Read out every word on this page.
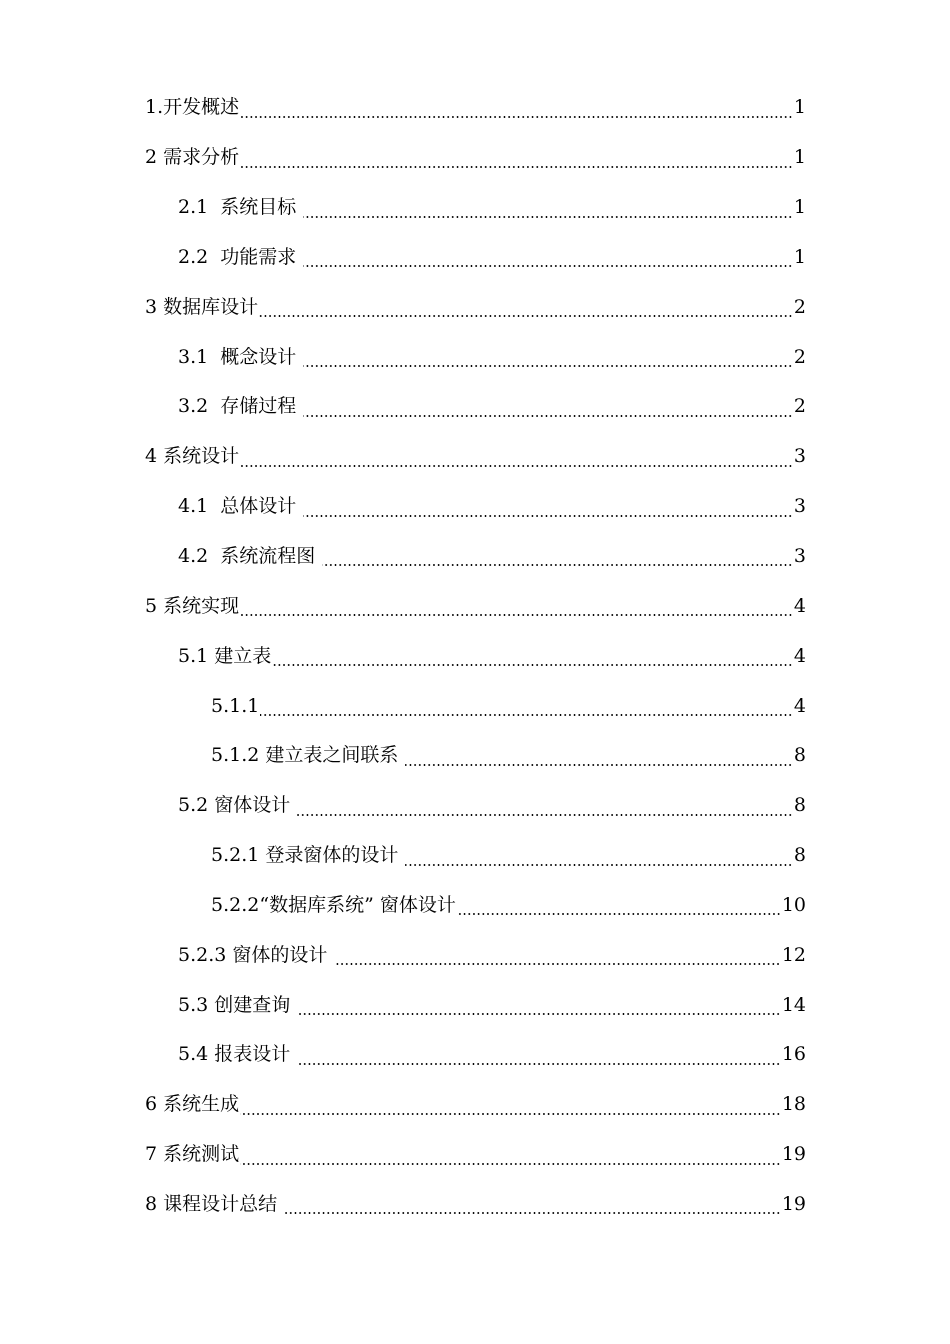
1. 开发概述	1
2 需求分析	1
2.1 系统目标	1
2.2 功能需求	1
3 数据库设计	2
3.1 概念设计	2
3.2 存储过程	2
4 系统设计	3
4.1 总体设计	3
4.2 系统流程图	3
5 系统实现	4
5.1 建立表	4
5.1.1	4
5.1.2 建立表之间联系	8
5.2 窗体设计	8
5.2.1 登录窗体的设计	8
5.2.2 “数据库系统” 窗体设计	10
5.2.3 窗体的设计	12
5.3 创建查询	14
5.4 报表设计	16
6 系统生成	18
7 系统测试	19
8 课程设计总结	19
